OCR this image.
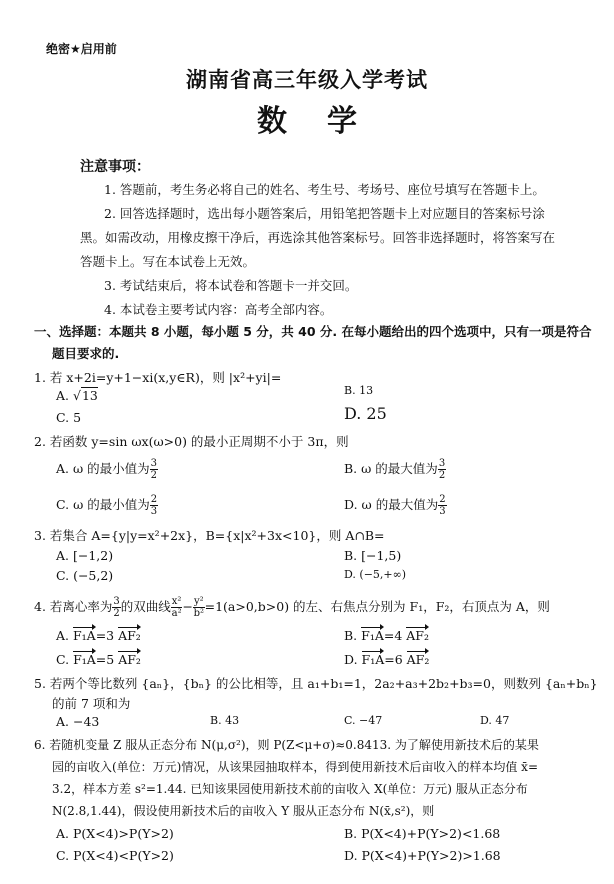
绝密★启用前
湖南省高三年级入学考试
数学
注意事项：
1. 答题前，考生务必将自己的姓名、考生号、考场号、座位号填写在答题卡上。
2. 回答选择题时，选出每小题答案后，用铅笔把答题卡上对应题目的答案标号涂
黑。如需改动，用橡皮擦干净后，再选涂其他答案标号。回答非选择题时，将答案写在
答题卡上。写在本试卷上无效。
3. 考试结束后，将本试卷和答题卡一并交回。
4. 本试卷主要考试内容：高考全部内容。
一、选择题：本题共 8 小题，每小题 5 分，共 40 分. 在每小题给出的四个选项中，只有一项是符合
题目要求的.
1. 若 x+2i=y+1−xi(x,y∈R)，则 |x²+yi|=
A. √13	B. 13
C. 5	D. 25
2. 若函数 y=sin ωx(ω>0) 的最小正周期不小于 3π，则
A. ω 的最小值为 $\frac{3}{2}$	B. ω 的最大值为 $\frac{3}{2}$
C. ω 的最小值为 $\frac{2}{3}$	D. ω 的最大值为 $\frac{2}{3}$
3. 若集合 A={y|y=x²+2x}，B={x|x²+3x<10}，则 A∩B=
A. [−1,2)	B. [−1,5)
C. (−5,2)	D. (−5,+∞)
4. 若离心率为 $\frac{3}{2}$ 的双曲线 $\frac{\text{x²}}{\text{a²}} - \frac{\text{y²}}{\text{b²}} =1(a>0,b>0)$ 的左、右焦点分别为 F₁，F₂，右顶点为 A，则
A. F₁A=3 AF₂	B. F₁A=4 AF₂
C. F₁A=5 AF₂	D. F₁A=6 AF₂
5. 若两个等比数列 {aₙ}，{bₙ} 的公比相等，且 a₁+b₁=1，2a₂+a₃+2b₂+b₃=0，则数列 {aₙ+bₙ}
的前 7 项和为
A. −43	B. 43	C. −47	D. 47
6. 若随机变量 Z 服从正态分布 N(μ,σ²)，则 P(Z<μ+σ)≈0.8413. 为了解使用新技术后的某果
园的亩收入(单位：万元)情况，从该果园抽取样本，得到使用新技术后亩收入的样本均值 x̄=
3.2，样本方差 s²=1.44. 已知该果园使用新技术前的亩收入 X(单位：万元) 服从正态分布
N(2.8,1.44)，假设使用新技术后的亩收入 Y 服从正态分布 N(x̄,s²)，则
A. P(X<4)>P(Y>2)	B. P(X<4)+P(Y>2)<1.68
C. P(X<4)<P(Y>2)	D. P(X<4)+P(Y>2)>1.68
